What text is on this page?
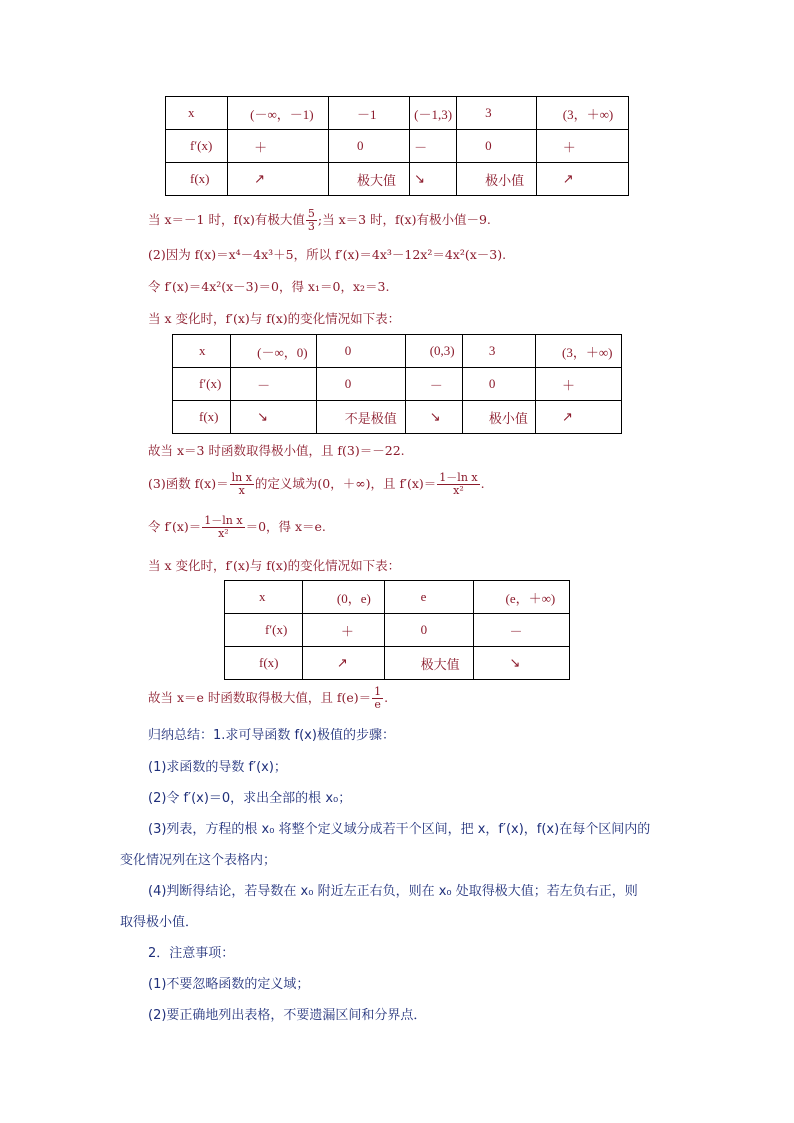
x	(－∞，－1)	－1	(－1,3)	3	(3，＋∞)
f′(x)	＋	0	－	0	＋
f(x)	↗	极大值	↘	极小值	↗
当 x＝－1 时，f(x)有极大值 $\frac{5}{3}$ ;当 x＝3 时，f(x)有极小值－9.
(2)因为 f(x)＝x⁴－4x³＋5，所以 f′(x)＝4x³－12x²＝4x²(x－3).
令 f′(x)＝4x²(x－3)＝0，得 x₁＝0，x₂＝3.
当 x 变化时，f′(x)与 f(x)的变化情况如下表：
x	(－∞，0)	0	(0,3)	3	(3，＋∞)
f′(x)	－	0	－	0	＋
f(x)	↘	不是极值	↘	极小值	↗
故当 x＝3 时函数取得极小值，且 f(3)＝－22.
(3)函数 $f(x)= \frac{\text{ln x}}{x}$ 的定义域为(0，＋∞)，且 $f'(x)= \frac{\text{1－ln x}}{\text{x²}}$ .
令 $f'(x)= \frac{\text{1－ln x}}{\text{x²}} =0$，得 x＝e.
当 x 变化时，f′(x)与 f(x)的变化情况如下表：
x	(0，e)	e	(e，＋∞)
f′(x)	＋	0	－
f(x)	↗	极大值	↘
故当 x＝e 时函数取得极大值，且 $f(e)= \frac{1}{e}$ .
归纳总结：1.求可导函数 f(x)极值的步骤：
(1)求函数的导数 f′(x)；
(2)令 f′(x)＝0，求出全部的根 x₀；
(3)列表，方程的根 x₀ 将整个定义域分成若干个区间，把 x，f′(x)，f(x)在每个区间内的
变化情况列在这个表格内；
(4)判断得结论，若导数在 x₀ 附近左正右负，则在 x₀ 处取得极大值；若左负右正，则
取得极小值．
2．注意事项：
(1)不要忽略函数的定义域；
(2)要正确地列出表格，不要遗漏区间和分界点．
